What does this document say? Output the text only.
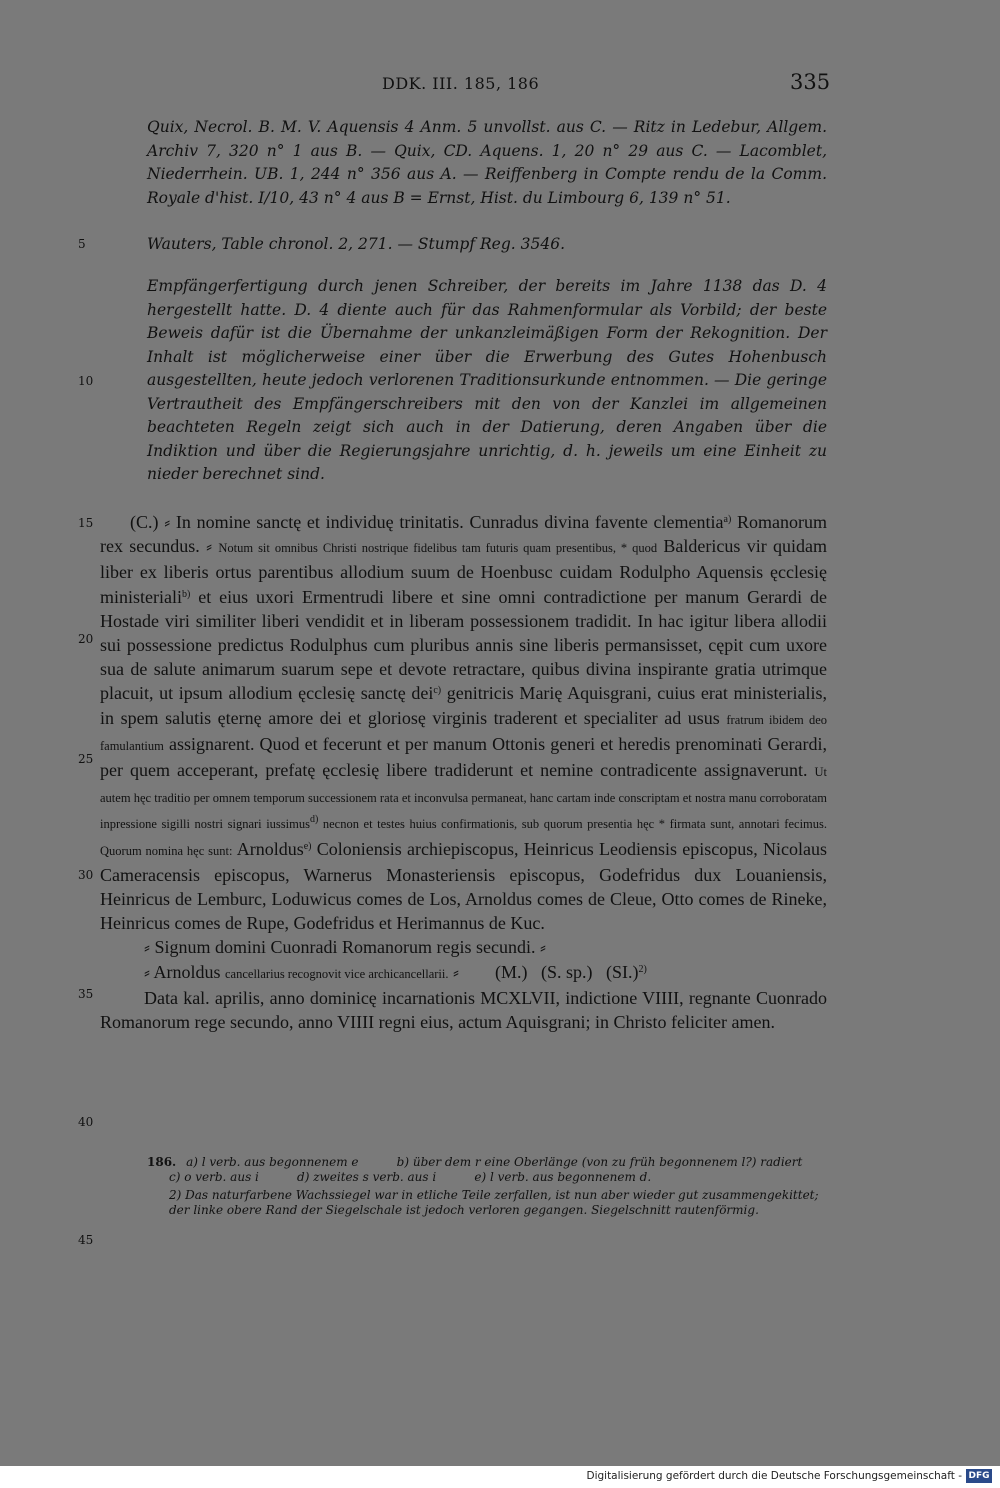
DDK. III. 185, 186	335

Quix, Necrol. B. M. V. Aquensis 4 Anm. 5 unvollst. aus C. — Ritz in Ledebur, Allgem. Archiv 7, 320 n° 1 aus B. — Quix, CD. Aquens. 1, 20 n° 29 aus C. — Lacomblet, Niederrhein. UB. 1, 244 n° 356 aus A. — Reiffenberg in Compte rendu de la Comm. Royale d'hist. I/10, 43 n° 4 aus B = Ernst, Hist. du Limbourg 6, 139 n° 51.

Wauters, Table chronol. 2, 271. — Stumpf Reg. 3546.

Empfängerfertigung durch jenen Schreiber, der bereits im Jahre 1138 das D. 4 hergestellt hatte. D. 4 diente auch für das Rahmenformular als Vorbild; der beste Beweis dafür ist die Übernahme der unkanzleimäßigen Form der Rekognition. Der Inhalt ist möglicherweise einer über die Erwerbung des Gutes Hohenbusch ausgestellten, heute jedoch verlorenen Traditionsurkunde entnommen. — Die geringe Vertrautheit des Empfängerschreibers mit den von der Kanzlei im allgemeinen beachteten Regeln zeigt sich auch in der Datierung, deren Angaben über die Indiktion und über die Regierungsjahre unrichtig, d. h. jeweils um eine Einheit zu nieder berechnet sind.

(C.) ⸗ In nomine sanctę et individuę trinitatis. Cunradus divina favente clementia$^{a)}$ Romanorum rex secundus. ⸗ Notum sit omnibus Christi nostrique fidelibus tam futuris quam presentibus, * quod Baldericus vir quidam liber ex liberis ortus parentibus allodium suum de Hoenbusc cuidam Rodulpho Aquensis ęcclesię ministeriali$^{b)}$ et eius uxori Ermentrudi libere et sine omni contradictione per manum Gerardi de Hostade viri similiter liberi vendidit et in liberam possessionem tradidit. In hac igitur libera allodii sui possessione predictus Rodulphus cum pluribus annis sine liberis permansisset, cępit cum uxore sua de salute animarum suarum sepe et devote retractare, quibus divina inspirante gratia utrimque placuit, ut ipsum allodium ęcclesię sanctę dei$^{c)}$ genitricis Marię Aquisgrani, cuius erat ministerialis, in spem salutis ęternę amore dei et gloriosę virginis traderent et specialiter ad usus fratrum ibidem deo famulantium assignarent. Quod et fecerunt et per manum Ottonis generi et heredis prenominati Gerardi, per quem acceperant, prefatę ęcclesię libere tradiderunt et nemine contradicente assignaverunt. Ut autem hęc traditio per omnem temporum successionem rata et inconvulsa permaneat, hanc cartam inde conscriptam et nostra manu corroboratam inpressione sigilli nostri signari iussimus$^{d)}$ necnon et testes huius confirmationis, sub quorum presentia hęc * firmata sunt, annotari fecimus. Quorum nomina hęc sunt: Arnoldus$^{e)}$ Coloniensis archiepiscopus, Heinricus Leodiensis episcopus, Nicolaus Cameracensis episcopus, Warnerus Monasteriensis episcopus, Godefridus dux Louaniensis, Heinricus de Lemburc, Loduwicus comes de Los, Arnoldus comes de Cleue, Otto comes de Rineke, Heinricus comes de Rupe, Godefridus et Herimannus de Kuc.

⸗ Signum domini Cuonradi Romanorum regis secundi. ⸗

⸗ Arnoldus cancellarius recognovit vice archicancellarii. ⸗ (M.)   (S. sp.)   (SI.)$^{2)}$

Data kal. aprilis, anno dominicę incarnationis MCXLVII, indictione VIIII, regnante Cuonrado Romanorum rege secundo, anno VIIII regni eius, actum Aquisgrani; in Christo feliciter amen.

186. a) l verb. aus begonnenem e          b) über dem r eine Oberlänge (von zu früh begonnenem l?) radiert
c) o verb. aus i          d) zweites s verb. aus i          e) l verb. aus begonnenem d.
2) Das naturfarbene Wachssiegel war in etliche Teile zerfallen, ist nun aber wieder gut zusammengekittet; der linke obere Rand der Siegelschale ist jedoch verloren gegangen. Siegelschnitt rautenförmig.
5
10
15
20
25
30
35
40
45
Digitalisierung gefördert durch die Deutsche Forschungsgemeinschaft - DFG
